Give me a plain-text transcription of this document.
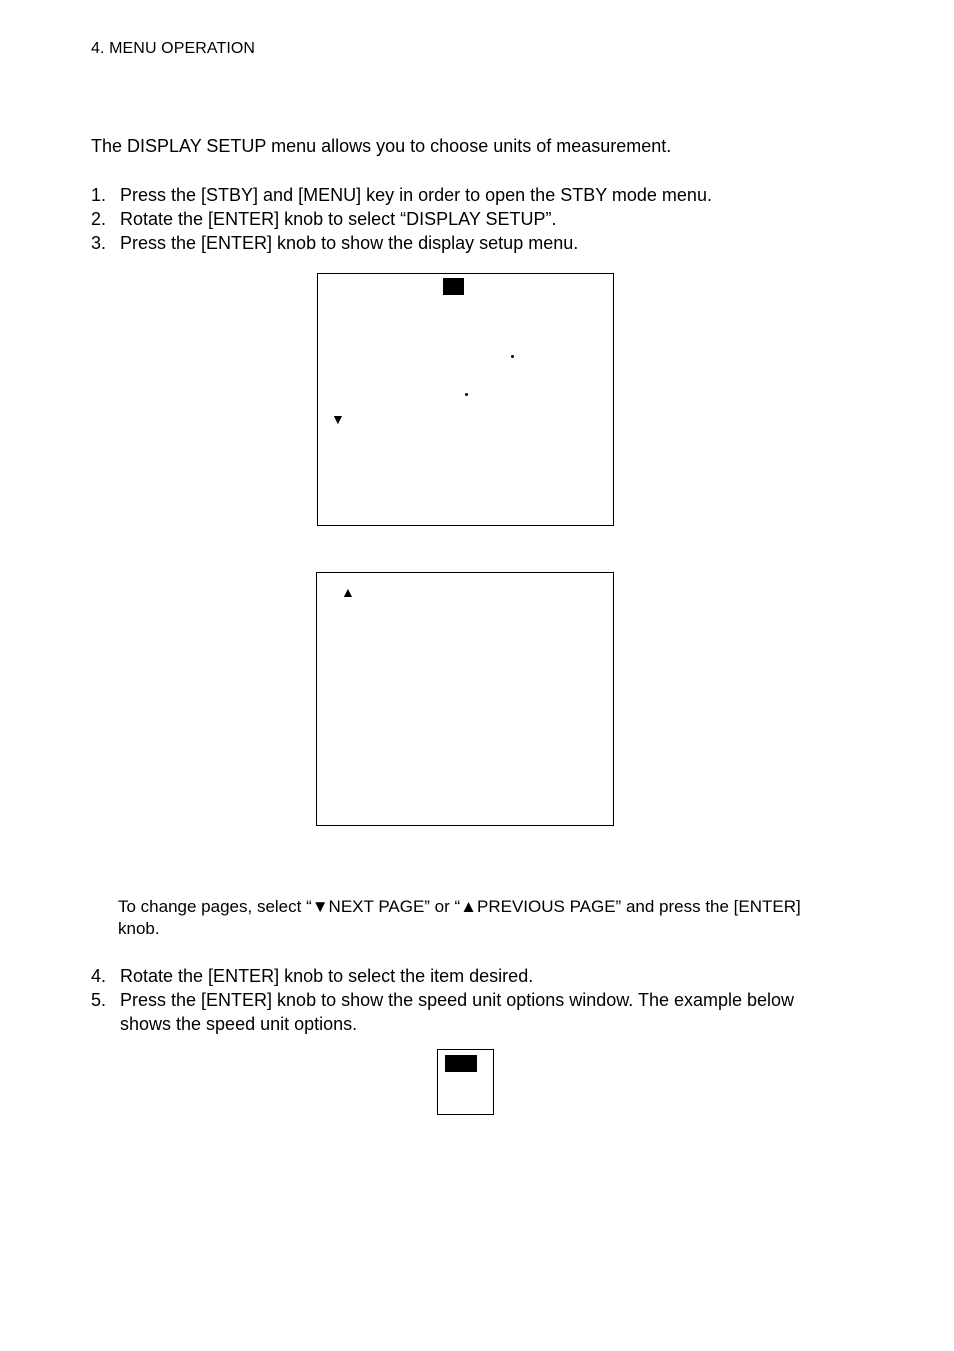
4. MENU OPERATION
The DISPLAY SETUP menu allows you to choose units of measurement.
1. Press the [STBY] and [MENU] key in order to open the STBY mode menu.
2. Rotate the [ENTER] knob to select “DISPLAY SETUP”.
3. Press the [ENTER] knob to show the display setup menu.
▼
▲
To change pages, select “▼NEXT PAGE” or “▲PREVIOUS PAGE” and press the [ENTER] knob.
4. Rotate the [ENTER] knob to select the item desired.
5. Press the [ENTER] knob to show the speed unit options window. The example below
shows the speed unit options.
